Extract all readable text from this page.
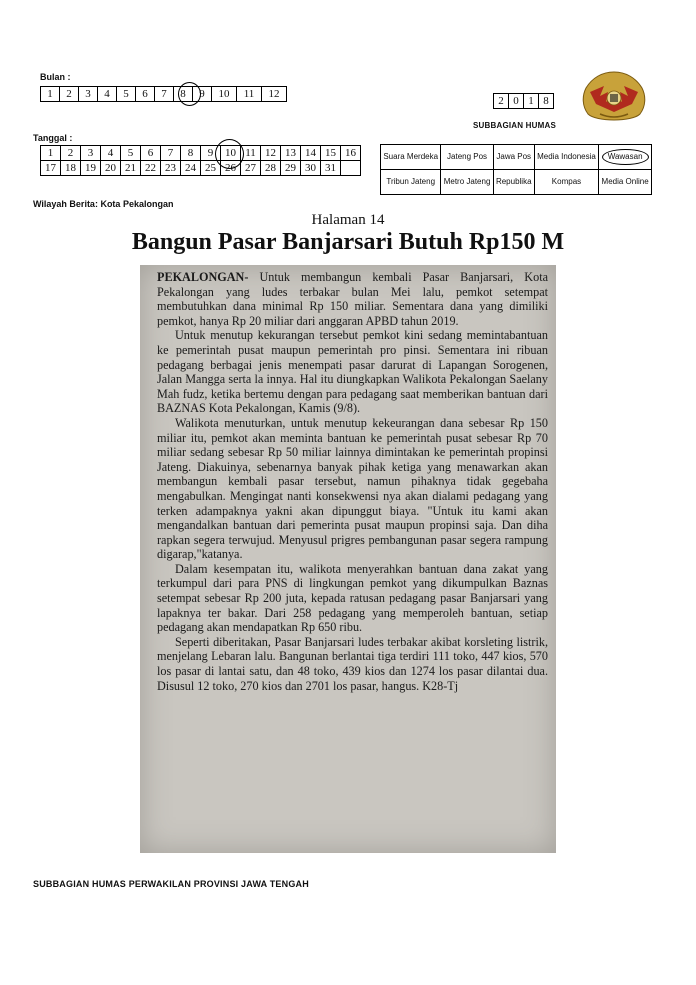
Bulan :
1	2	3	4	5	6	7	8	9	10	11	12
2	0	1	8
SUBBAGIAN HUMAS
Tanggal :
1	2	3	4	5	6	7	8	9	10	11	12	13	14	15	16
17	18	19	20	21	22	23	24	25	26	27	28	29	30	31	
Suara Merdeka	Jateng Pos	Jawa Pos	Media Indonesia	Wawasan
Tribun Jateng	Metro Jateng	Republika	Kompas	Media Online
Wilayah Berita: Kota Pekalongan
Halaman 14
Bangun Pasar Banjarsari Butuh Rp150 M

PEKALONGAN- Untuk membangun kembali Pasar Banjarsari, Kota Pekalongan yang ludes terbakar bulan Mei lalu, pemkot setempat membutuhkan dana minimal Rp 150 miliar. Sementara dana yang dimiliki pemkot, hanya Rp 20 miliar dari anggaran APBD tahun 2019.

Untuk menutup kekurangan tersebut pemkot kini sedang memintabantuan ke pemerintah pusat maupun pemerintah pro pinsi. Sementara ini ribuan pedagang berbagai jenis menempati pasar darurat di Lapangan Sorogenen, Jalan Mangga serta la innya. Hal itu diungkapkan Walikota Pekalongan Saelany Mah fudz, ketika bertemu dengan para pedagang saat memberikan bantuan dari BAZNAS Kota Pekalongan, Kamis (9/8).

Walikota menuturkan, untuk menutup kekeurangan dana sebesar Rp 150 miliar itu, pemkot akan meminta bantuan ke pemerintah pusat sebesar Rp 70 miliar sedang sebesar Rp 50 miliar lainnya dimintakan ke pemerintah propinsi Jateng. Diakuinya, sebenarnya banyak pihak ketiga yang menawarkan akan membangun kembali pasar tersebut, namun pihaknya tidak gegebaha mengabulkan. Mengingat nanti konsekwensi nya akan dialami pedagang yang terken adampaknya yakni akan dipunggut biaya. "Untuk itu kami akan mengandalkan bantuan dari pemerinta pusat maupun propinsi saja. Dan diha rapkan segera terwujud. Menyusul prigres pembangunan pasar segera rampung digarap,"katanya.

Dalam kesempatan itu, walikota menyerahkan bantuan dana zakat yang terkumpul dari para PNS di lingkungan pemkot yang dikumpulkan Baznas setempat sebesar Rp 200 juta, kepada ratusan pedagang pasar Banjarsari yang lapaknya ter bakar. Dari 258 pedagang yang memperoleh bantuan, setiap pedagang akan mendapatkan Rp 650 ribu.

Seperti diberitakan, Pasar Banjarsari ludes terbakar akibat korsleting listrik, menjelang Lebaran lalu. Bangunan berlantai tiga terdiri 111 toko, 447 kios, 570 los pasar di lantai satu, dan 48 toko, 439 kios dan 1274 los pasar dilantai dua. Disusul 12 toko, 270 kios dan 2701 los pasar, hangus. K28-Tj

SUBBAGIAN HUMAS PERWAKILAN PROVINSI JAWA TENGAH
